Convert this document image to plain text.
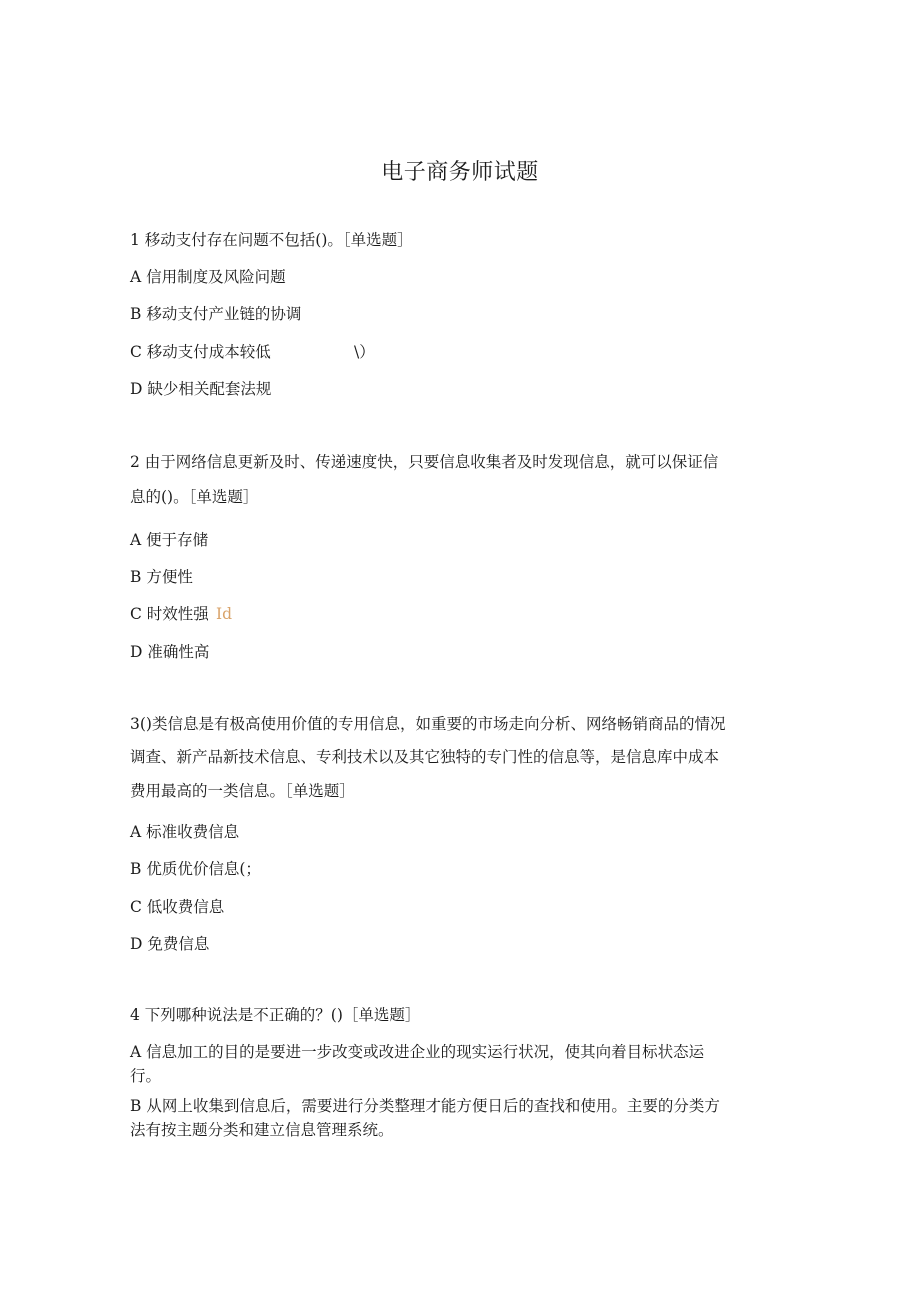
电子商务师试题
1 移动支付存在问题不包括()。［单选题］
A 信用制度及风险问题
B 移动支付产业链的协调
C 移动支付成本较低	\）
D 缺少相关配套法规
2 由于网络信息更新及时、传递速度快，只要信息收集者及时发现信息，就可以保证信
息的()。［单选题］
A 便于存储
B 方便性
C 时效性强 Id
D 准确性高
3()类信息是有极高使用价值的专用信息，如重要的市场走向分析、网络畅销商品的情况
调查、新产品新技术信息、专利技术以及其它独特的专门性的信息等，是信息库中成本
费用最高的一类信息。［单选题］
A 标准收费信息
B 优质优价信息(；
C 低收费信息
D 免费信息
4 下列哪种说法是不正确的？()［单选题］
A 信息加工的目的是要进一步改变或改进企业的现实运行状况，使其向着目标状态运
行。
B 从网上收集到信息后，需要进行分类整理才能方便日后的查找和使用。主要的分类方
法有按主题分类和建立信息管理系统。
